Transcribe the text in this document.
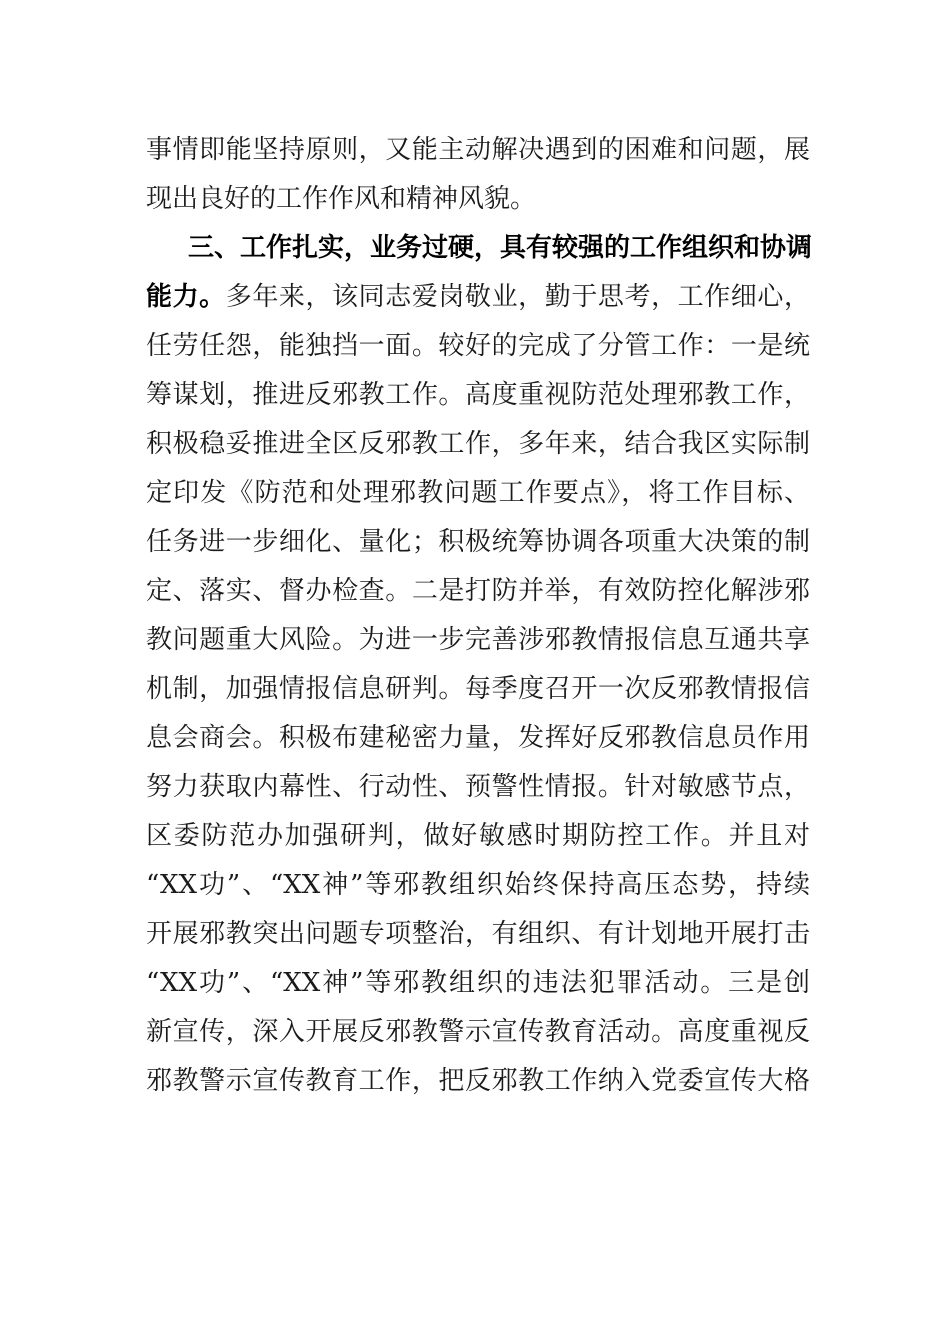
事情即能坚持原则，又能主动解决遇到的困难和问题，展
现出良好的工作作风和精神风貌。
三、工作扎实，业务过硬，具有较强的工作组织和协调
能力。多年来，该同志爱岗敬业，勤于思考，工作细心，
任劳任怨，能独挡一面。较好的完成了分管工作：一是统
筹谋划，推进反邪教工作。高度重视防范处理邪教工作，
积极稳妥推进全区反邪教工作，多年来，结合我区实际制
定印发《防范和处理邪教问题工作要点》，将工作目标、
任务进一步细化、量化；积极统筹协调各项重大决策的制
定、落实、督办检查。二是打防并举，有效防控化解涉邪
教问题重大风险。为进一步完善涉邪教情报信息互通共享
机制，加强情报信息研判。每季度召开一次反邪教情报信
息会商会。积极布建秘密力量，发挥好反邪教信息员作用
努力获取内幕性、行动性、预警性情报。针对敏感节点，
区委防范办加强研判，做好敏感时期防控工作。并且对
“XX功”、“XX神”等邪教组织始终保持高压态势，持续
开展邪教突出问题专项整治，有组织、有计划地开展打击
“XX功”、“XX神”等邪教组织的违法犯罪活动。三是创
新宣传，深入开展反邪教警示宣传教育活动。高度重视反
邪教警示宣传教育工作，把反邪教工作纳入党委宣传大格
